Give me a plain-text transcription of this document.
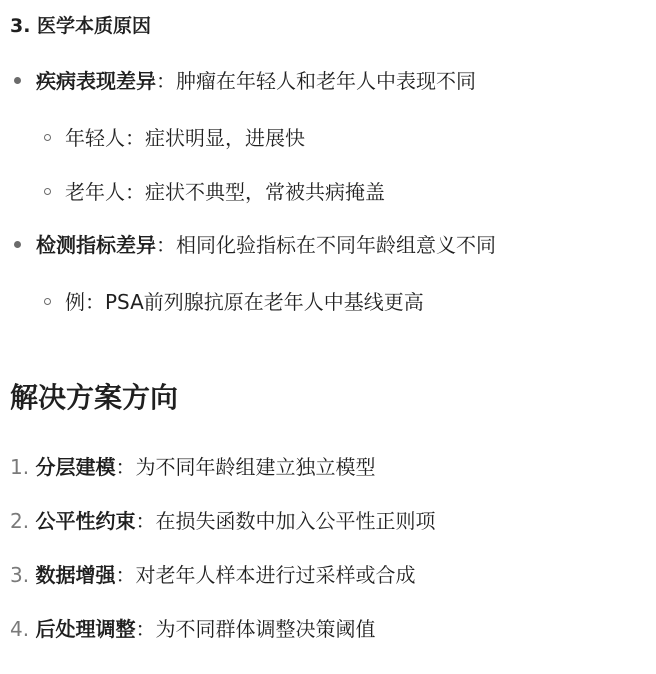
3. 医学本质原因
疾病表现差异：肿瘤在年轻人和老年人中表现不同
年轻人：症状明显，进展快
老年人：症状不典型，常被共病掩盖
检测指标差异：相同化验指标在不同年龄组意义不同
例：PSA前列腺抗原在老年人中基线更高
解决方案方向
1. 分层建模：为不同年龄组建立独立模型
2. 公平性约束：在损失函数中加入公平性正则项
3. 数据增强：对老年人样本进行过采样或合成
4. 后处理调整：为不同群体调整决策阈值
